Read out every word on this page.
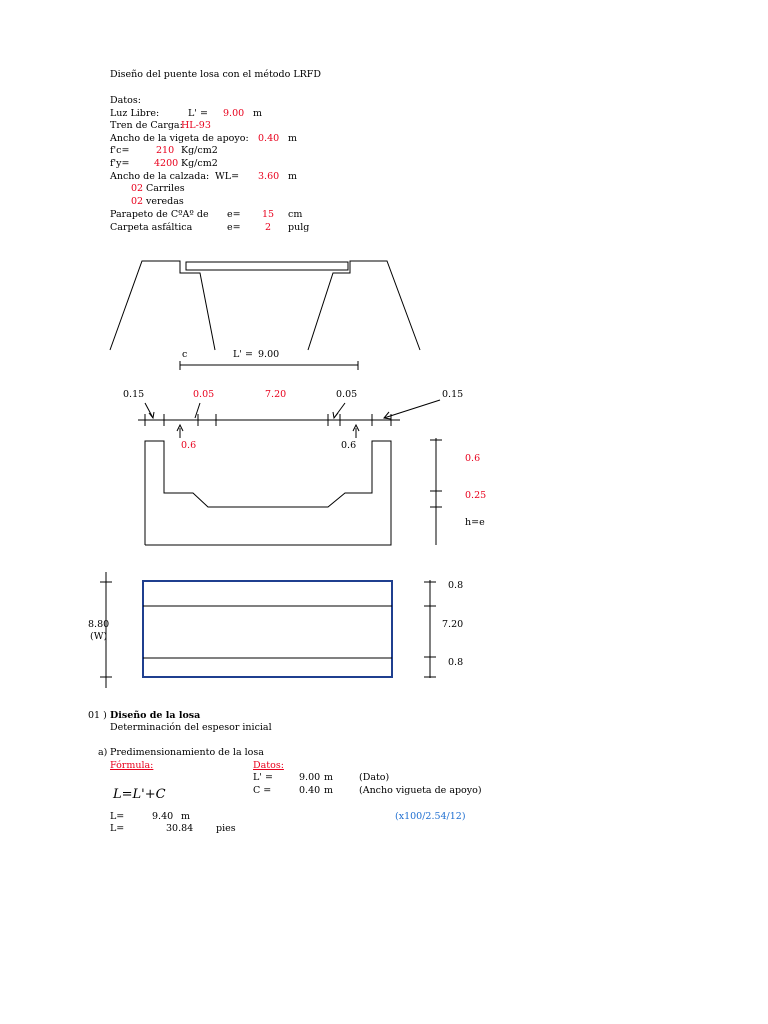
Diseño del puente losa con el método LRFD
Datos:
Luz Libre:	L' = 9.00 m
Tren de Carga:
HL-93
Ancho de la vigeta de apoyo: 0.40 m
f'c=	210 Kg/cm2
f'y=	4200 Kg/cm2
Ancho de la calzada: WL= 3.60 m
02 Carriles
02 veredas
Parapeto de CºAº de e= 15 cm
Carpeta asfáltica	e=	2 pulg
c	L' = 9.00
0.15	0.05	7.20	0.05	0.15
0.6	0.6
0.6
0.25
h=e
8.80
(W)
0.8
7.20
0.8
01 ) Diseño de la losa
Determinación del espesor inicial
a) Predimensionamiento de la losa
Fórmula:	Datos:
L' =	9.00 m	(Dato)
L=L'+C	C =	0.40 m	(Ancho vigueta de apoyo)
L=	9.40 m	(x100/2.54/12)
L=	30.84 pies
